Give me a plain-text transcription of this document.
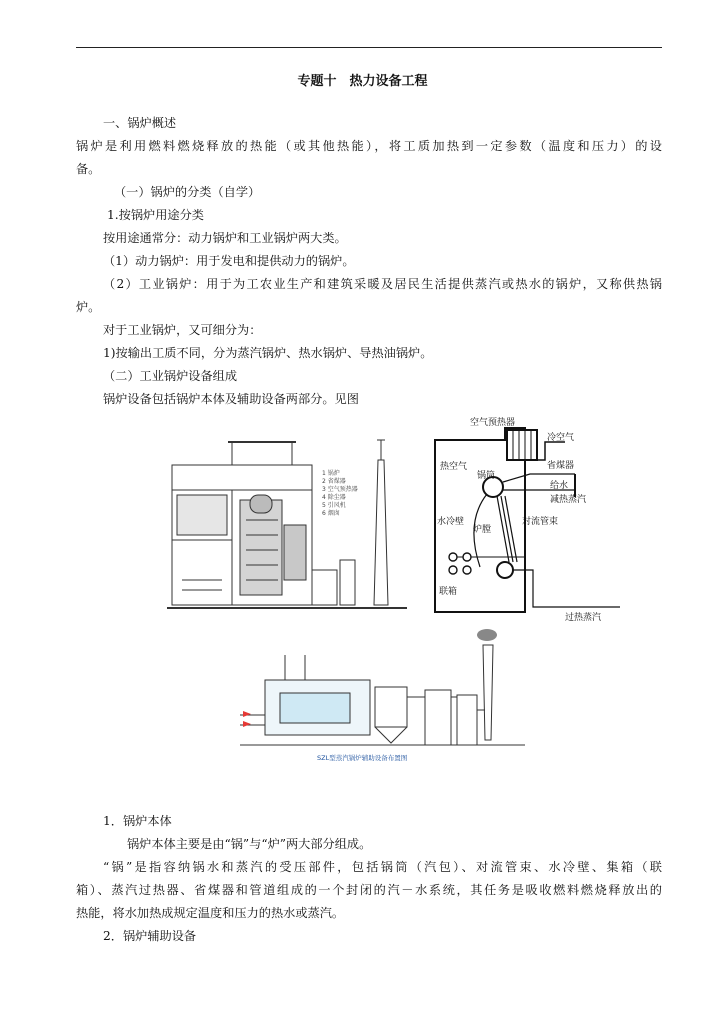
专题十　热力设备工程
一、锅炉概述
锅炉是利用燃料燃烧释放的热能（或其他热能），将工质加热到一定参数（温度和压力）的设
备。
（一）锅炉的分类（自学）
1.按锅炉用途分类
按用途通常分：动力锅炉和工业锅炉两大类。
（1）动力锅炉：用于发电和提供动力的锅炉。
（2）工业锅炉：用于为工农业生产和建筑采暖及居民生活提供蒸汽或热水的锅炉，又称供热锅
炉。
对于工业锅炉，又可细分为：
1)按输出工质不同，分为蒸汽锅炉、热水锅炉、导热油锅炉。
（二）工业锅炉设备组成
锅炉设备包括锅炉本体及辅助设备两部分。见图
1 锅炉
2 省煤器
3 空气预热器
4 除尘器
5 引风机
6 烟囱
空气预热器
冷空气
热空气	省煤器
锅筒
给水
减热蒸汽
水冷壁
炉膛
对流管束
联箱
过热蒸汽
SZL型蒸汽锅炉辅助设备布置图
1．锅炉本体
锅炉本体主要是由“锅”与“炉”两大部分组成。
“锅”是指容纳锅水和蒸汽的受压部件，包括锅筒（汽包）、对流管束、水冷壁、集箱（联
箱）、蒸汽过热器、省煤器和管道组成的一个封闭的汽－水系统，其任务是吸收燃料燃烧释放出的
热能，将水加热成规定温度和压力的热水或蒸汽。
2．锅炉辅助设备
